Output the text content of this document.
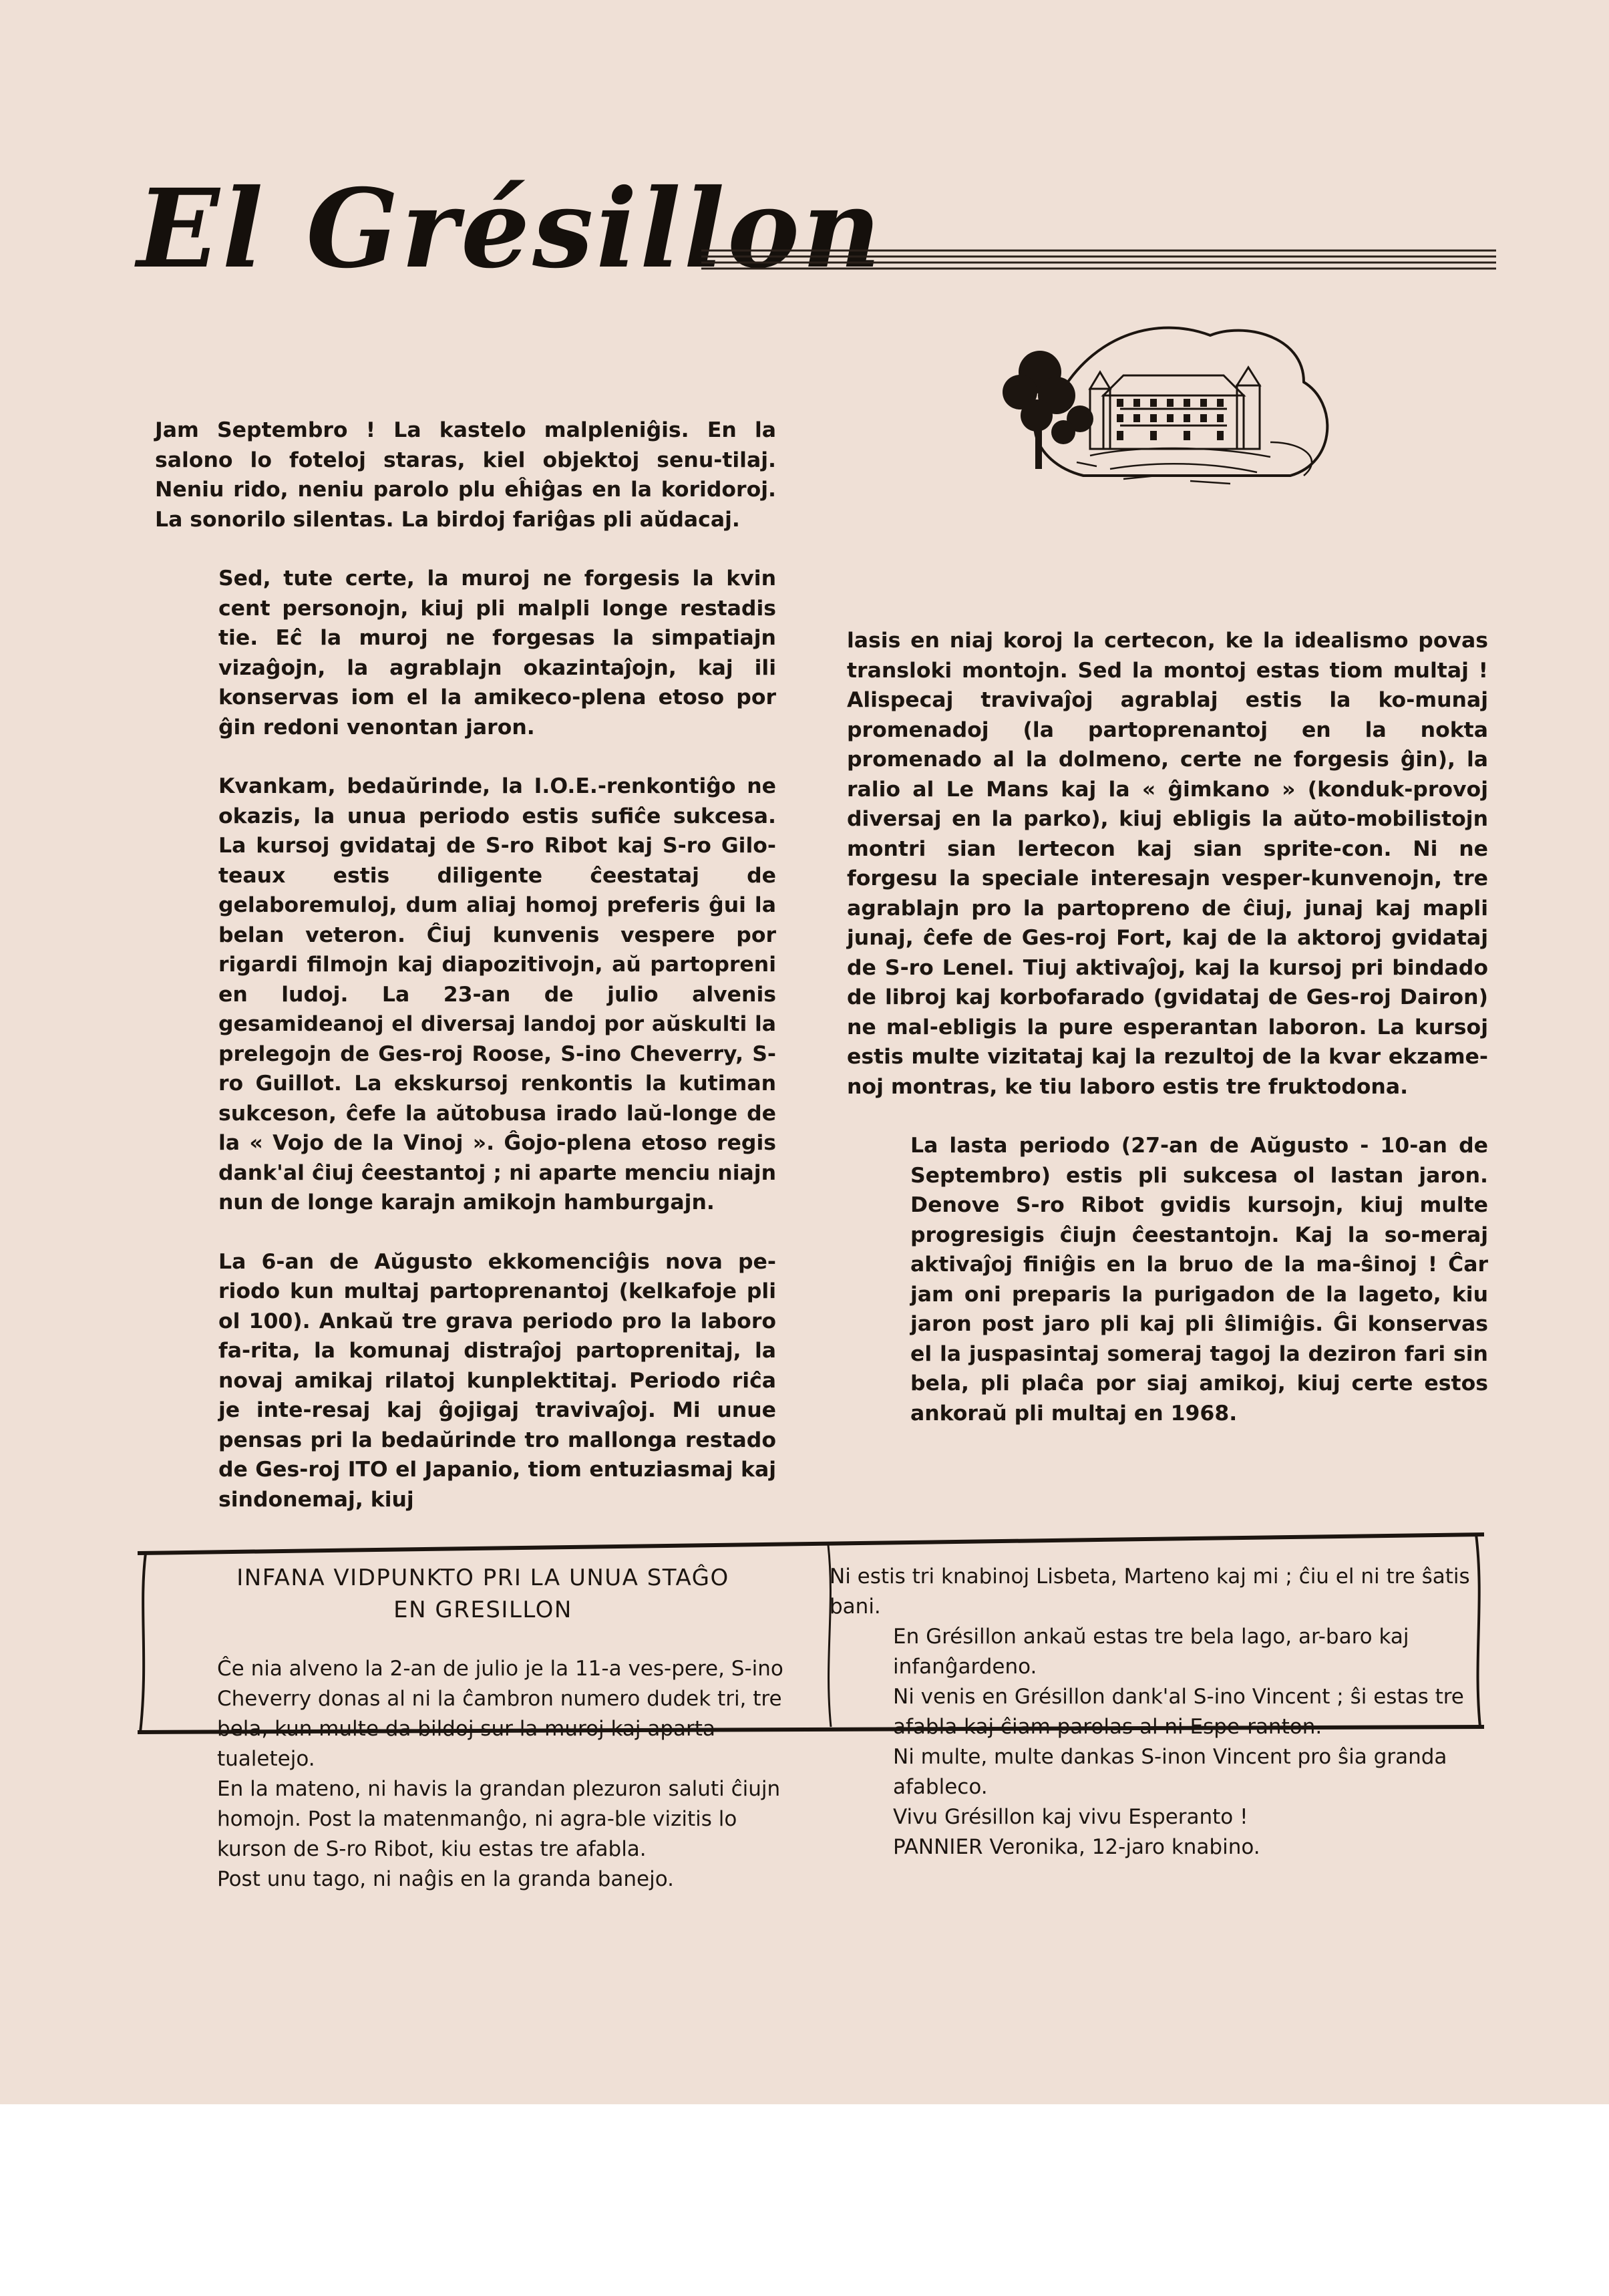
El Grésillon

Jam Septembro ! La kastelo malpleniĝis. En la salono lo foteloj staras, kiel objektoj senu-tilaj. Neniu rido, neniu parolo plu eĥiĝas en la koridoroj. La sonorilo silentas. La birdoj fariĝas pli aŭdacaj.

Sed, tute certe, la muroj ne forgesis la kvin cent personojn, kiuj pli malpli longe restadis tie. Eĉ la muroj ne forgesas la simpatiajn vizaĝojn, la agrablajn okazintaĵojn, kaj ili konservas iom el la amikeco-plena etoso por ĝin redoni venontan jaron.

Kvankam, bedaŭrinde, la I.O.E.-renkontiĝo ne okazis, la unua periodo estis sufiĉe sukcesa. La kursoj gvidataj de S-ro Ribot kaj S-ro Gilo-teaux estis diligente ĉeestataj de gelaboremuloj, dum aliaj homoj preferis ĝui la belan veteron. Ĉiuj kunvenis vespere por rigardi filmojn kaj diapozitivojn, aŭ partopreni en ludoj. La 23-an de julio alvenis gesamideanoj el diversaj landoj por aŭskulti la prelegojn de Ges-roj Roose, S-ino Cheverry, S-ro Guillot. La ekskursoj renkontis la kutiman sukceson, ĉefe la aŭtobusa irado laŭ-longe de la « Vojo de la Vinoj ». Ĝojo-plena etoso regis dank'al ĉiuj ĉeestantoj ; ni aparte menciu niajn nun de longe karajn amikojn hamburgajn.

La 6-an de Aŭgusto ekkomenciĝis nova pe-riodo kun multaj partoprenantoj (kelkafoje pli ol 100). Ankaŭ tre grava periodo pro la laboro fa-rita, la komunaj distraĵoj partoprenitaj, la novaj amikaj rilatoj kunplektitaj. Periodo riĉa je inte-resaj kaj ĝojigaj travivaĵoj. Mi unue pensas pri la bedaŭrinde tro mallonga restado de Ges-roj ITO el Japanio, tiom entuziasmaj kaj sindonemaj, kiuj

lasis en niaj koroj la certecon, ke la idealismo povas transloki montojn. Sed la montoj estas tiom multaj ! Alispecaj travivaĵoj agrablaj estis la ko-munaj promenadoj (la partoprenantoj en la nokta promenado al la dolmeno, certe ne forgesis ĝin), la ralio al Le Mans kaj la « ĝimkano » (konduk-provoj diversaj en la parko), kiuj ebligis la aŭto-mobilistojn montri sian lertecon kaj sian sprite-con. Ni ne forgesu la speciale interesajn vesper-kunvenojn, tre agrablajn pro la partopreno de ĉiuj, junaj kaj mapli junaj, ĉefe de Ges-roj Fort, kaj de la aktoroj gvidataj de S-ro Lenel. Tiuj aktivaĵoj, kaj la kursoj pri bindado de libroj kaj korbofarado (gvidataj de Ges-roj Dairon) ne mal-ebligis la pure esperantan laboron. La kursoj estis multe vizitataj kaj la rezultoj de la kvar ekzame-noj montras, ke tiu laboro estis tre fruktodona.

La lasta periodo (27-an de Aŭgusto - 10-an de Septembro) estis pli sukcesa ol lastan jaron. Denove S-ro Ribot gvidis kursojn, kiuj multe progresigis ĉiujn ĉeestantojn. Kaj la so-meraj aktivaĵoj finiĝis en la bruo de la ma-ŝinoj ! Ĉar jam oni preparis la purigadon de la lageto, kiu jaron post jaro pli kaj pli ŝlimiĝis. Ĝi konservas el la juspasintaj someraj tagoj la deziron fari sin bela, pli plaĉa por siaj amikoj, kiuj certe estos ankoraŭ pli multaj en 1968.

INFANA VIDPUNKTO PRI LA UNUA STAĜO
EN GRESILLON

Ĉe nia alveno la 2-an de julio je la 11-a ves-pere, S-ino Cheverry donas al ni la ĉambron numero dudek tri, tre bela, kun multe da bildoj sur la muroj kaj aparta tualetejo.

En la mateno, ni havis la grandan plezuron saluti ĉiujn homojn. Post la matenmanĝo, ni agra-ble vizitis lo kurson de S-ro Ribot, kiu estas tre afabla.

Post unu tago, ni naĝis en la granda banejo.

Ni estis tri knabinoj Lisbeta, Marteno kaj mi ; ĉiu el ni tre ŝatis bani.

En Grésillon ankaŭ estas tre bela lago, ar-baro kaj infanĝardeno.

Ni venis en Grésillon dank'al S-ino Vincent ; ŝi estas tre afabla kaj ĉiam parolas al ni Espe-ranton.

Ni multe, multe dankas S-inon Vincent pro ŝia granda afableco.

Vivu Grésillon kaj vivu Esperanto !

PANNIER Veronika, 12-jaro knabino.
